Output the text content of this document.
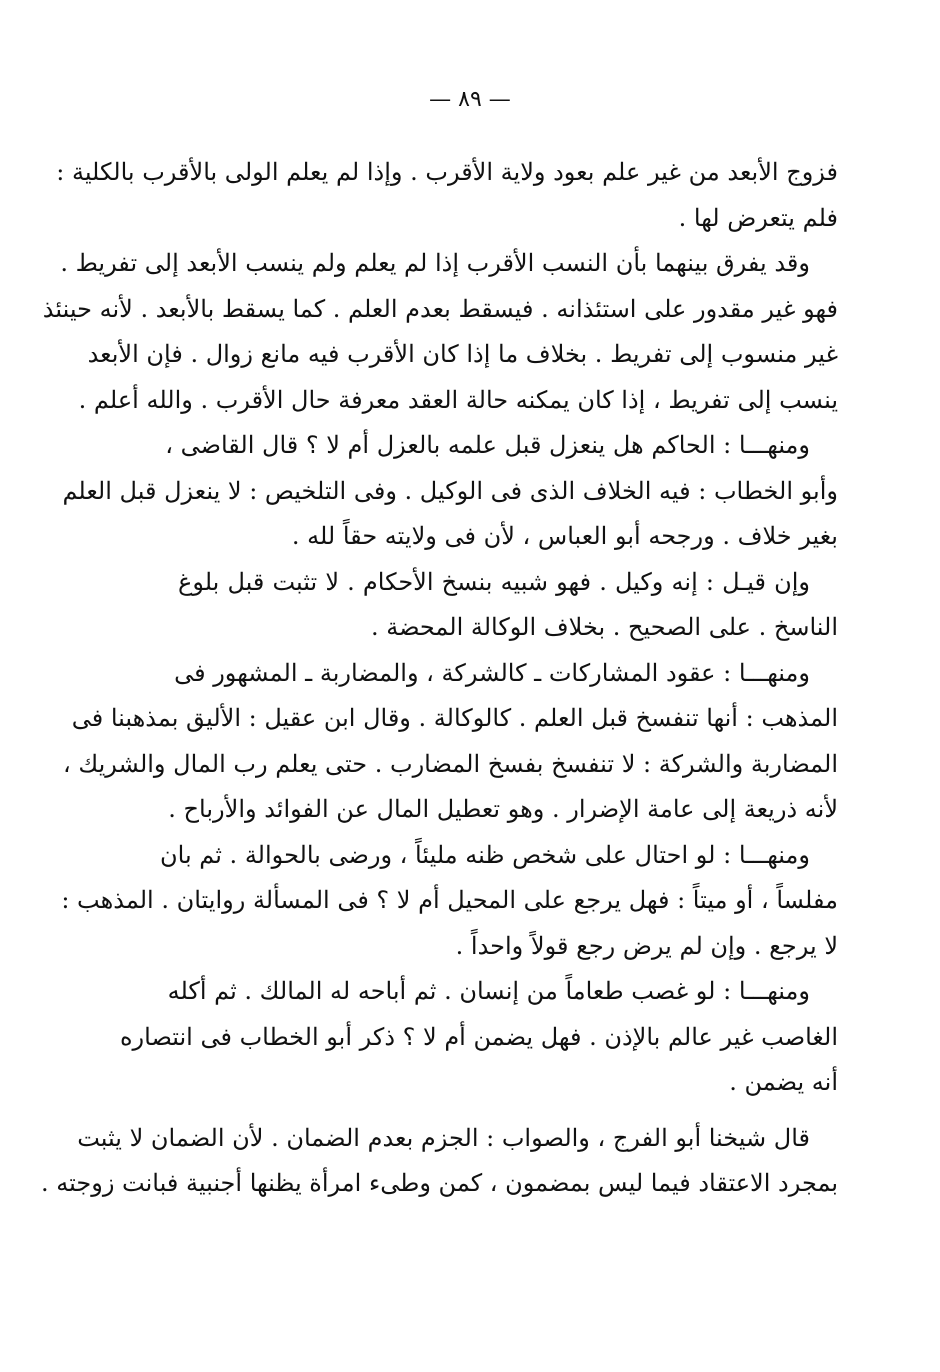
— ٨٩ —
فزوج الأبعد من غير علم بعود ولاية الأقرب . وإذا لم يعلم الولى بالأقرب بالكلية :
فلم يتعرض لها .
وقد يفرق بينهما بأن النسب الأقرب إذا لم يعلم ولم ينسب الأبعد إلى تفريط .
فهو غير مقدور على استئذانه . فيسقط بعدم العلم . كما يسقط بالأبعد . لأنه حينئذ
غير منسوب إلى تفريط . بخلاف ما إذا كان الأقرب فيه مانع زوال . فإن الأبعد
ينسب إلى تفريط ، إذا كان يمكنه حالة العقد معرفة حال الأقرب . والله أعلم .
ومنهـــا : الحاكم هل ينعزل قبل علمه بالعزل أم لا ؟ قال القاضى ،
وأبو الخطاب : فيه الخلاف الذى فى الوكيل . وفى التلخيص : لا ينعزل قبل العلم
بغير خلاف . ورجحه أبو العباس ، لأن فى ولايته حقاً لله .
وإن قيـل : إنه وكيل . فهو شبيه بنسخ الأحكام . لا تثبت قبل بلوغ
الناسخ . على الصحيح . بخلاف الوكالة المحضة .
ومنهـــا : عقود المشاركات ـ كالشركة ، والمضاربة ـ المشهور فى
المذهب : أنها تنفسخ قبل العلم . كالوكالة . وقال ابن عقيل : الأليق بمذهبنا فى
المضاربة والشركة : لا تنفسخ بفسخ المضارب . حتى يعلم رب المال والشريك ،
لأنه ذريعة إلى عامة الإضرار . وهو تعطيل المال عن الفوائد والأرباح .
ومنهـــا : لو احتال على شخص ظنه مليئاً ، ورضى بالحوالة . ثم بان
مفلساً ، أو ميتاً : فهل يرجع على المحيل أم لا ؟ فى المسألة روايتان . المذهب :
لا يرجع . وإن لم يرض رجع قولاً واحداً .
ومنهـــا : لو غصب طعاماً من إنسان . ثم أباحه له المالك . ثم أكله
الغاصب غير عالم بالإذن . فهل يضمن أم لا ؟ ذكر أبو الخطاب فى انتصاره
أنه يضمن .
قال شيخنا أبو الفرج ، والصواب : الجزم بعدم الضمان . لأن الضمان لا يثبت
بمجرد الاعتقاد فيما ليس بمضمون ، كمن وطىء امرأة يظنها أجنبية فبانت زوجته .
